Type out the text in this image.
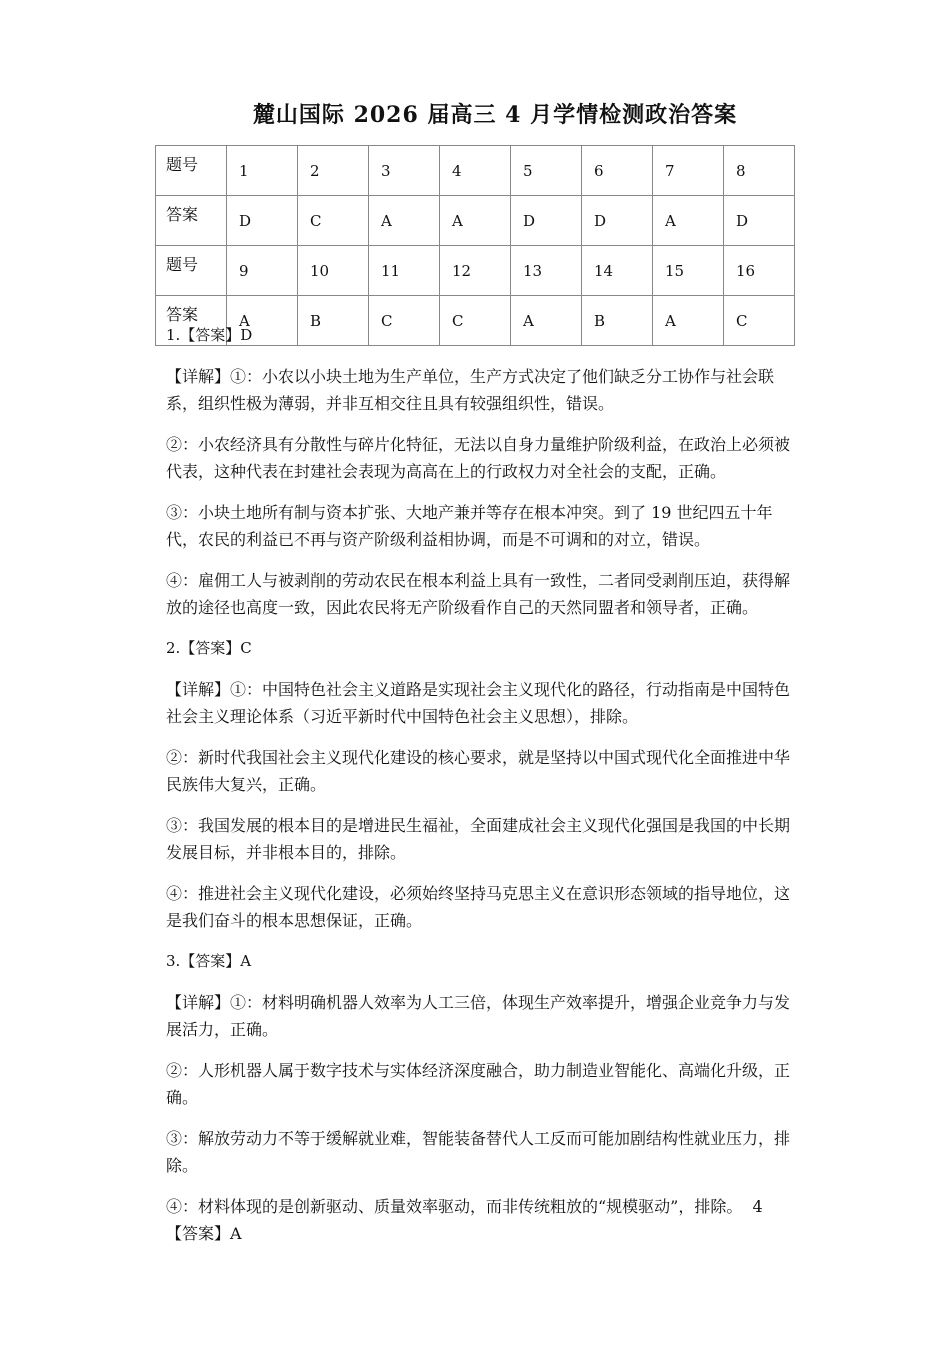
麓山国际 2026 届高三 4 月学情检测政治答案
题号	1	2	3	4	5	6	7	8
答案	D	C	A	A	D	D	A	D
题号	9	10	11	12	13	14	15	16
答案	A	B	C	C	A	B	A	C
1.【答案】D
【详解】①：小农以小块土地为生产单位，生产方式决定了他们缺乏分工协作与社会联系，组织性极为薄弱，并非互相交往且具有较强组织性，错误。
②：小农经济具有分散性与碎片化特征，无法以自身力量维护阶级利益，在政治上必须被代表，这种代表在封建社会表现为高高在上的行政权力对全社会的支配，正确。
③：小块土地所有制与资本扩张、大地产兼并等存在根本冲突。到了 19 世纪四五十年代，农民的利益已不再与资产阶级利益相协调，而是不可调和的对立，错误。
④：雇佣工人与被剥削的劳动农民在根本利益上具有一致性，二者同受剥削压迫，获得解放的途径也高度一致，因此农民将无产阶级看作自己的天然同盟者和领导者，正确。
2.【答案】C
【详解】①：中国特色社会主义道路是实现社会主义现代化的路径，行动指南是中国特色社会主义理论体系（习近平新时代中国特色社会主义思想），排除。
②：新时代我国社会主义现代化建设的核心要求，就是坚持以中国式现代化全面推进中华民族伟大复兴，正确。
③：我国发展的根本目的是增进民生福祉，全面建成社会主义现代化强国是我国的中长期发展目标，并非根本目的，排除。
④：推进社会主义现代化建设，必须始终坚持马克思主义在意识形态领域的指导地位，这是我们奋斗的根本思想保证，正确。
3.【答案】A
【详解】①：材料明确机器人效率为人工三倍，体现生产效率提升，增强企业竞争力与发展活力，正确。
②：人形机器人属于数字技术与实体经济深度融合，助力制造业智能化、高端化升级，正确。
③：解放劳动力不等于缓解就业难，智能装备替代人工反而可能加剧结构性就业压力，排除。
④：材料体现的是创新驱动、质量效率驱动，而非传统粗放的“规模驱动”，排除。 4【答案】A
